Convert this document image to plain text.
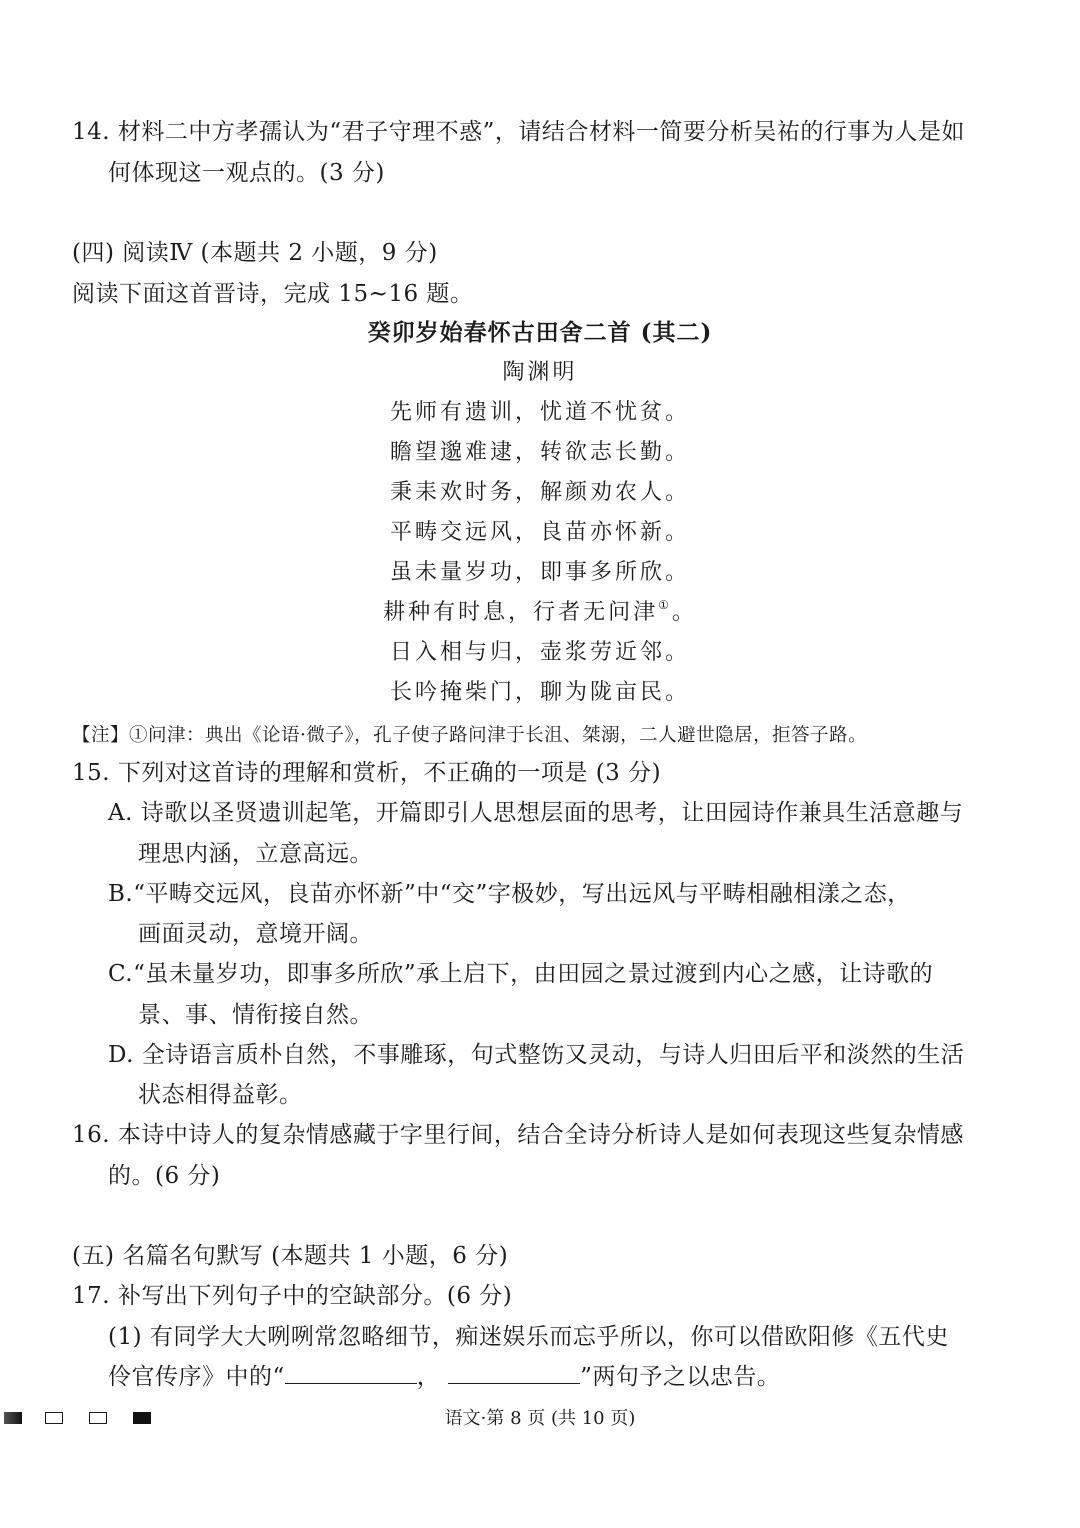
14. 材料二中方孝孺认为“君子守理不惑”，请结合材料一简要分析吴祐的行事为人是如
何体现这一观点的。(3 分)
(四) 阅读Ⅳ (本题共 2 小题，9 分)
阅读下面这首晋诗，完成 15~16 题。
癸卯岁始春怀古田舍二首 (其二)
陶渊明
先师有遗训，忧道不忧贫。
瞻望邈难逮，转欲志长勤。
秉耒欢时务，解颜劝农人。
平畴交远风，良苗亦怀新。
虽未量岁功，即事多所欣。
耕种有时息，行者无问津①。
日入相与归，壶浆劳近邻。
长吟掩柴门，聊为陇亩民。
【注】①问津：典出《论语·微子》，孔子使子路问津于长沮、桀溺，二人避世隐居，拒答子路。
15. 下列对这首诗的理解和赏析，不正确的一项是 (3 分)
A. 诗歌以圣贤遗训起笔，开篇即引人思想层面的思考，让田园诗作兼具生活意趣与
理思内涵，立意高远。
B.“平畴交远风，良苗亦怀新”中“交”字极妙，写出远风与平畴相融相漾之态，
画面灵动，意境开阔。
C.“虽未量岁功，即事多所欣”承上启下，由田园之景过渡到内心之感，让诗歌的
景、事、情衔接自然。
D. 全诗语言质朴自然，不事雕琢，句式整饬又灵动，与诗人归田后平和淡然的生活
状态相得益彰。
16. 本诗中诗人的复杂情感藏于字里行间，结合全诗分析诗人是如何表现这些复杂情感
的。(6 分)
(五) 名篇名句默写 (本题共 1 小题，6 分)
17. 补写出下列句子中的空缺部分。(6 分)
(1) 有同学大大咧咧常忽略细节，痴迷娱乐而忘乎所以，你可以借欧阳修《五代史
伶官传序》中的“	，	”两句予之以忠告。
语文·第 8 页 (共 10 页)
